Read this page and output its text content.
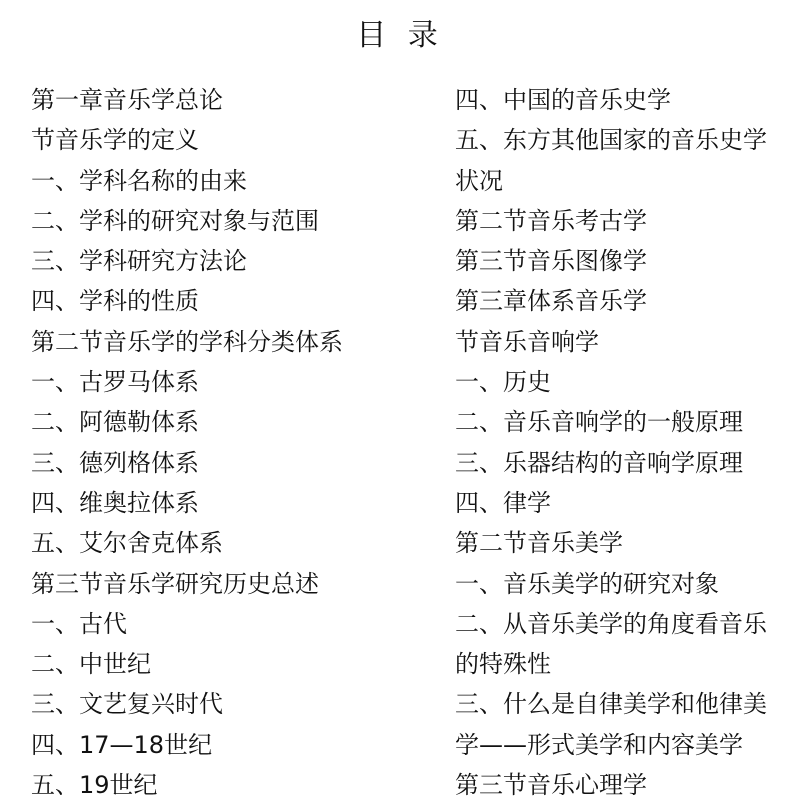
目 录
第一章音乐学总论
节音乐学的定义
一、学科名称的由来
二、学科的研究对象与范围
三、学科研究方法论
四、学科的性质
第二节音乐学的学科分类体系
一、古罗马体系
二、阿德勒体系
三、德列格体系
四、维奥拉体系
五、艾尔舍克体系
第三节音乐学研究历史总述
一、古代
二、中世纪
三、文艺复兴时代
四、17—18世纪
五、19世纪
四、中国的音乐史学
五、东方其他国家的音乐史学
状况
第二节音乐考古学
第三节音乐图像学
第三章体系音乐学
节音乐音响学
一、历史
二、音乐音响学的一般原理
三、乐器结构的音响学原理
四、律学
第二节音乐美学
一、音乐美学的研究对象
二、从音乐美学的角度看音乐
的特殊性
三、什么是自律美学和他律美
学——形式美学和内容美学
第三节音乐心理学
